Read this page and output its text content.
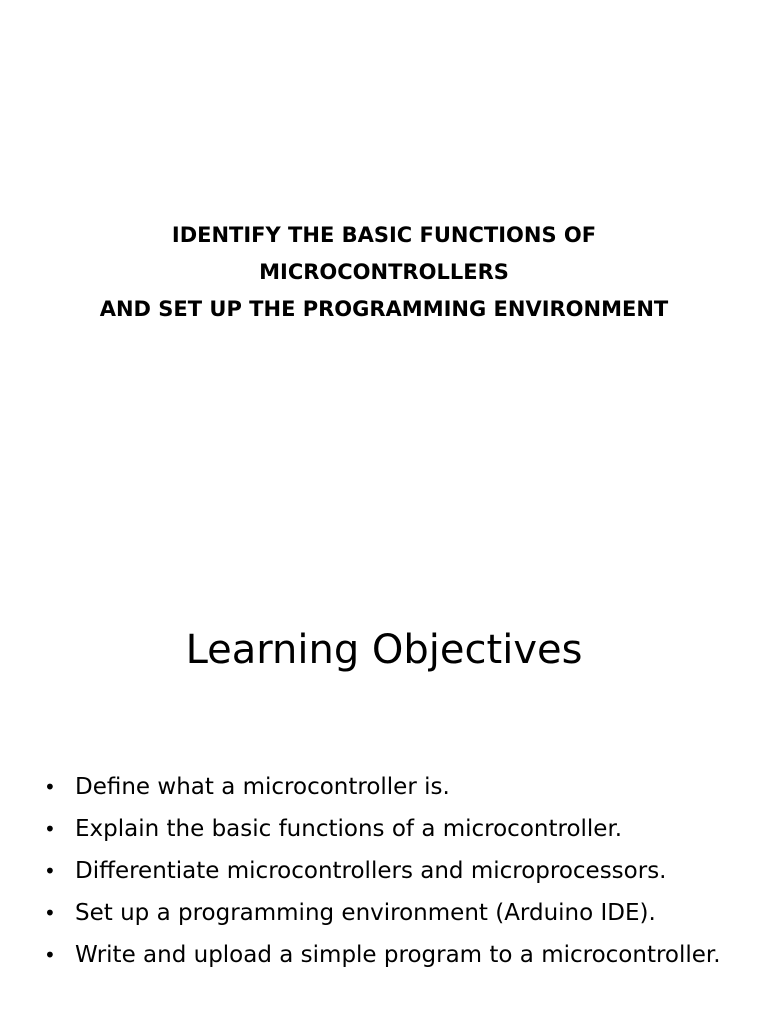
IDENTIFY THE BASIC FUNCTIONS OF
MICROCONTROLLERS
AND SET UP THE PROGRAMMING ENVIRONMENT
Learning Objectives
• Define what a microcontroller is.
• Explain the basic functions of a microcontroller.
• Differentiate microcontrollers and microprocessors.
• Set up a programming environment (Arduino IDE).
• Write and upload a simple program to a microcontroller.
